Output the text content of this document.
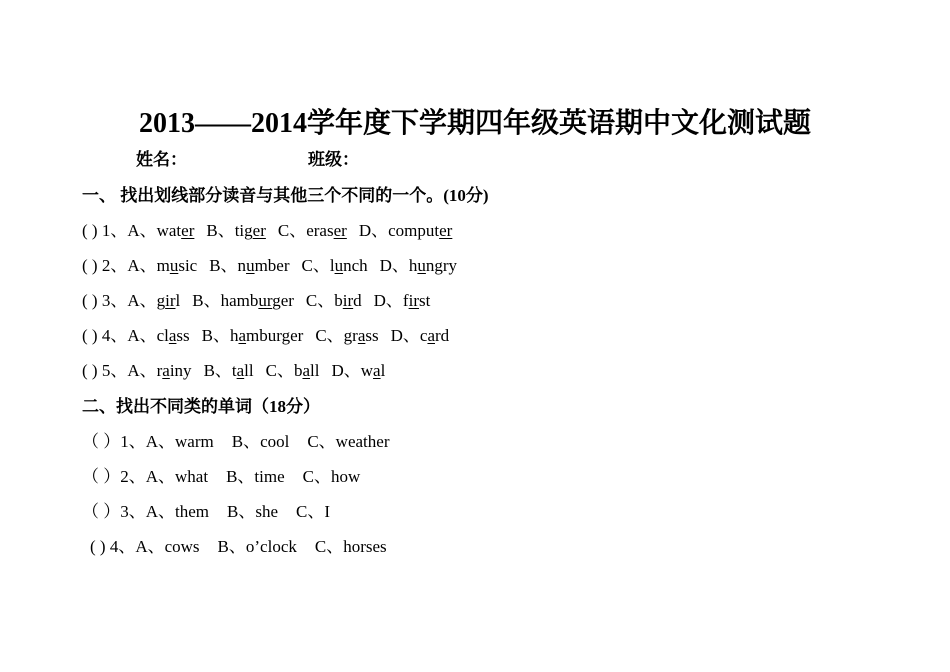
2013——2014学年度下学期四年级英语期中文化测试题
姓名：	班级：
一、 找出划线部分读音与其他三个不同的一个。(10分)
( ) 1、A、water B、tiger C、eraser D、computer
( ) 2、A、music B、number C、lunch D、hungry
( ) 3、A、girl B、hamburger C、bird D、first
( ) 4、A、class B、hamburger C、grass D、card
( ) 5、A、rainy B、tall C、ball D、wal
二、找出不同类的单词（18分）
（ ）1、A、warm B、cool C、weather
（ ）2、A、what B、time C、how
（ ）3、A、them B、she C、I
( ) 4、A、cows B、o’clock C、horses
